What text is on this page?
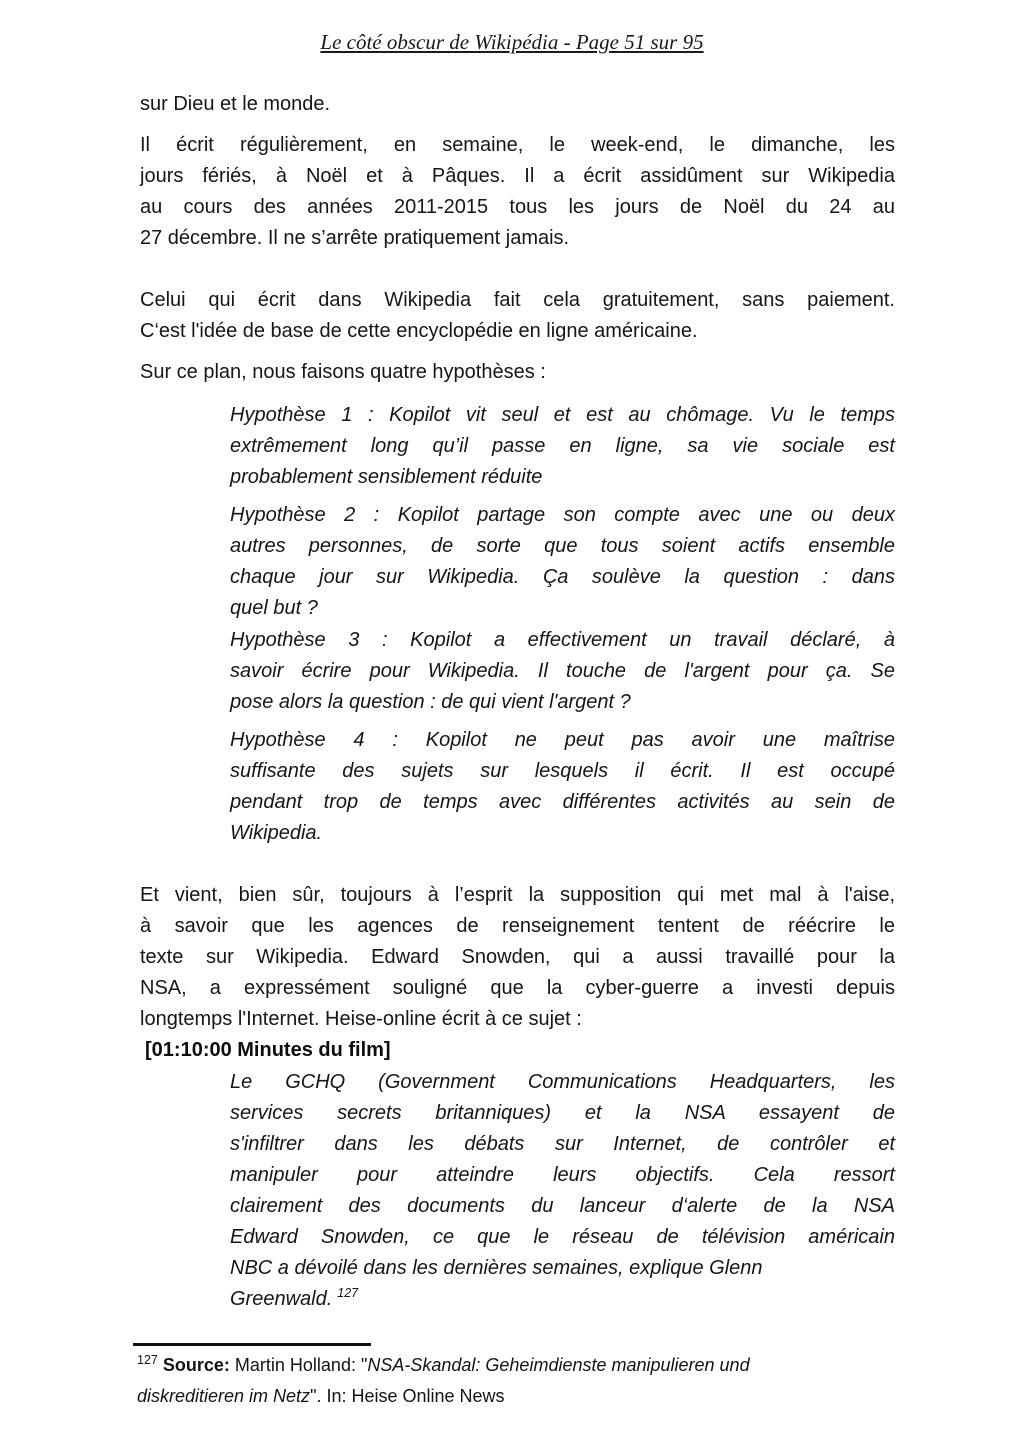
Le côté obscur de Wikipédia - Page 51 sur 95
sur Dieu et le monde.
Il écrit régulièrement, en semaine, le week-end, le dimanche, les
jours fériés, à Noël et à Pâques. Il a écrit assidûment sur Wikipedia
au cours des années 2011-2015 tous les jours de Noël du 24 au
27 décembre. Il ne s’arrête pratiquement jamais.
Celui qui écrit dans Wikipedia fait cela gratuitement, sans paiement.
C‘est l'idée de base de cette encyclopédie en ligne américaine.
Sur ce plan, nous faisons quatre hypothèses :
Hypothèse 1 : Kopilot vit seul et est au chômage. Vu le temps
extrêmement long qu’il passe en ligne, sa vie sociale est
probablement sensiblement réduite
Hypothèse 2 : Kopilot partage son compte avec une ou deux
autres personnes, de sorte que tous soient actifs ensemble
chaque jour sur Wikipedia. Ça soulève la question : dans
quel but ?
Hypothèse 3 : Kopilot a effectivement un travail déclaré, à
savoir écrire pour Wikipedia. Il touche de l'argent pour ça. Se
pose alors la question : de qui vient l'argent ?
Hypothèse 4 : Kopilot ne peut pas avoir une maîtrise
suffisante des sujets sur lesquels il écrit. Il est occupé
pendant trop de temps avec différentes activités au sein de
Wikipedia.
Et vient, bien sûr, toujours à l’esprit la supposition qui met mal à l'aise,
à savoir que les agences de renseignement tentent de réécrire le
texte sur Wikipedia. Edward Snowden, qui a aussi travaillé pour la
NSA, a expressément souligné que la cyber-guerre a investi depuis
longtemps l'Internet. Heise-online écrit à ce sujet :
[01:10:00 Minutes du film]
Le GCHQ (Government Communications Headquarters, les
services secrets britanniques) et la NSA essayent de
s'infiltrer dans les débats sur Internet, de contrôler et
manipuler pour atteindre leurs objectifs. Cela ressort
clairement des documents du lanceur d‘alerte de la NSA
Edward Snowden, ce que le réseau de télévision américain
NBC a dévoilé dans les dernières semaines, explique Glenn
Greenwald. $^{127}$
$^{127}$ Source: Martin Holland: "NSA-Skandal: Geheimdienste manipulieren und diskreditieren im Netz". In: Heise Online News
